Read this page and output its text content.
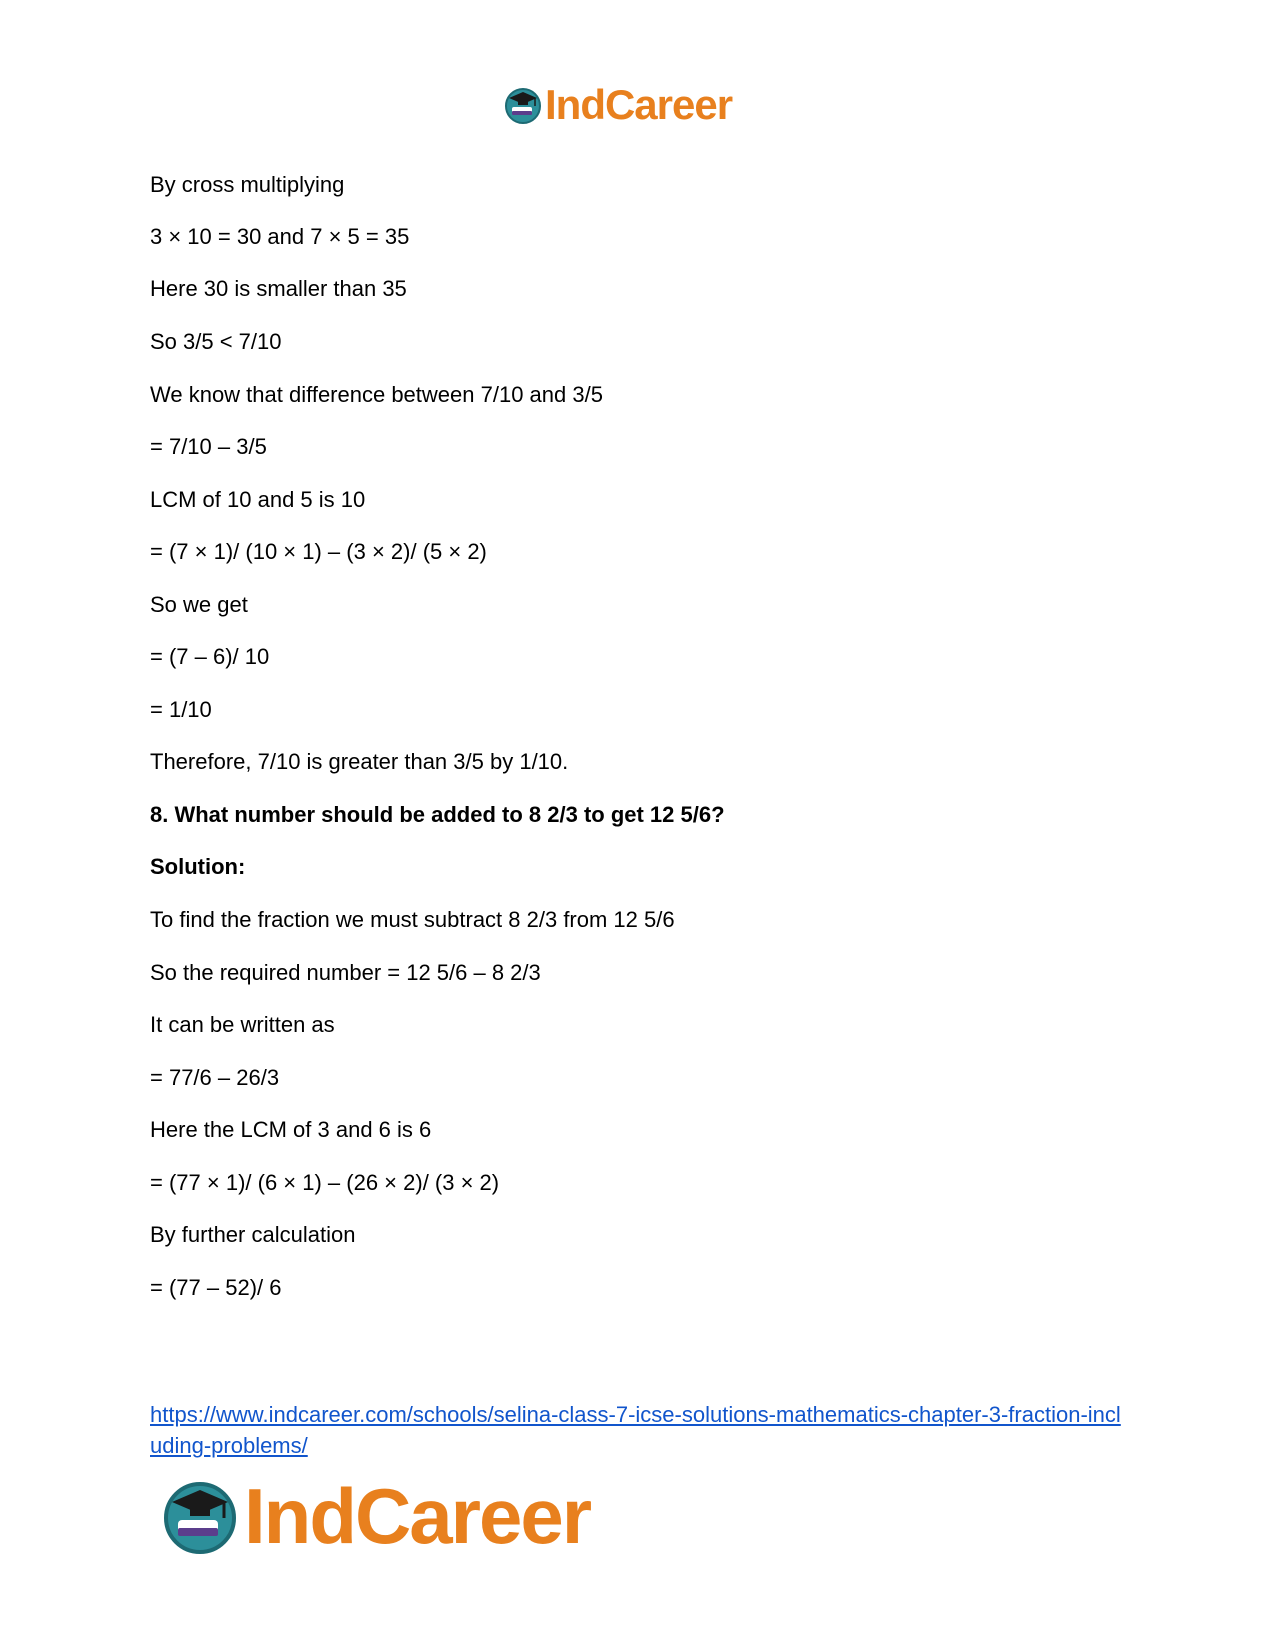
IndCareer
By cross multiplying
3 × 10 = 30 and 7 × 5 = 35
Here 30 is smaller than 35
So 3/5 < 7/10
We know that difference between 7/10 and 3/5
= 7/10 – 3/5
LCM of 10 and 5 is 10
= (7 × 1)/ (10 × 1) – (3 × 2)/ (5 × 2)
So we get
= (7 – 6)/ 10
= 1/10
Therefore, 7/10 is greater than 3/5 by 1/10.
8. What number should be added to 8 2/3 to get 12 5/6?
Solution:
To find the fraction we must subtract 8 2/3 from 12 5/6
So the required number = 12 5/6 – 8 2/3
It can be written as
= 77/6 – 26/3
Here the LCM of 3 and 6 is 6
= (77 × 1)/ (6 × 1) – (26 × 2)/ (3 × 2)
By further calculation
= (77 – 52)/ 6
https://www.indcareer.com/schools/selina-class-7-icse-solutions-mathematics-chapter-3-fraction-including-problems/
IndCareer
